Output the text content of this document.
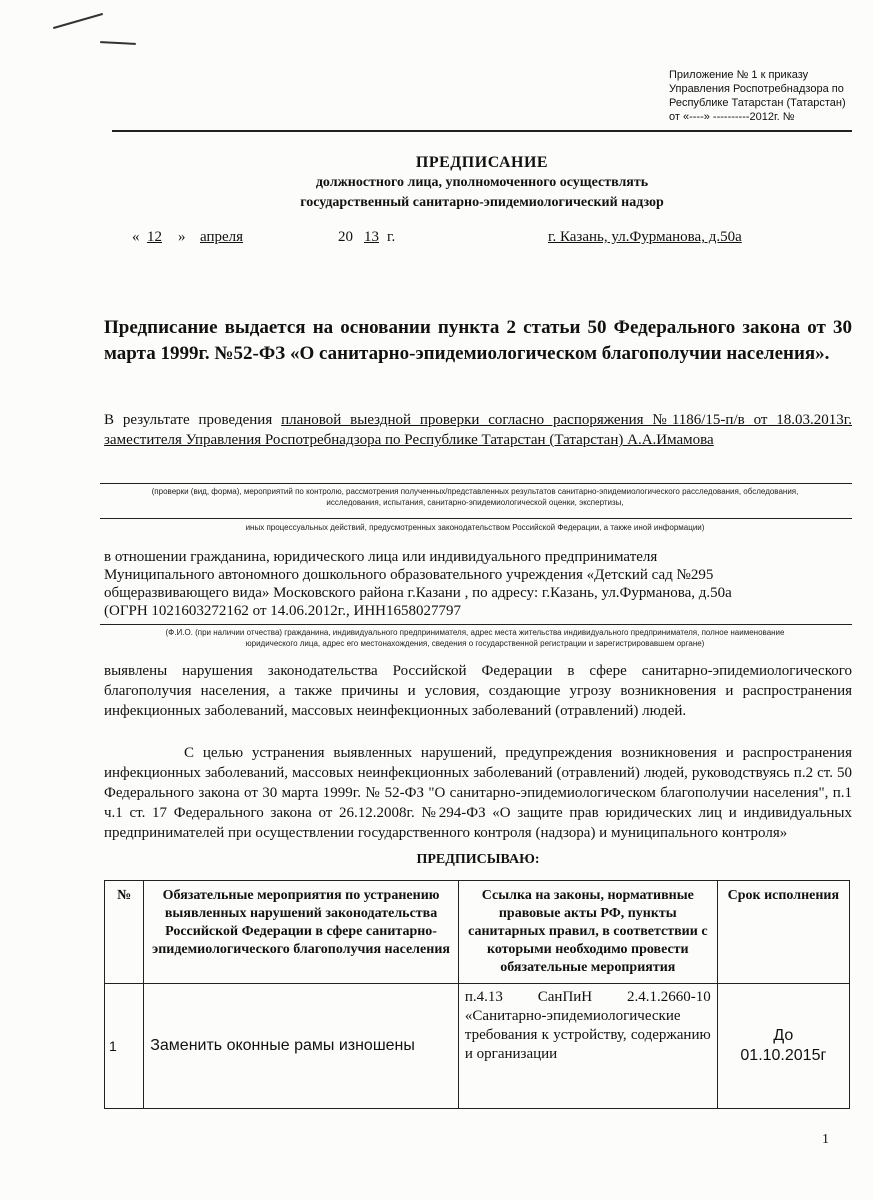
Приложение № 1 к приказу
Управления Роспотребнадзора по
Республике Татарстан (Татарстан)
от «----» ----------2012г. №
ПРЕДПИСАНИЕ
должностного лица, уполномоченного осуществлять
государственный санитарно-эпидемиологический надзор
« 12 » апреля	20 13 г.	г. Казань, ул.Фурманова, д.50а
Предписание выдается на основании пункта 2 статьи 50 Федерального закона от 30 марта 1999г. №52-ФЗ «О санитарно-эпидемиологическом благополучии населения».
В результате проведения плановой выездной проверки согласно распоряжения №1186/15-п/в от 18.03.2013г. заместителя Управления Роспотребнадзора по Республике Татарстан (Татарстан) А.А.Имамова
(проверки (вид, форма), мероприятий по контролю, рассмотрения полученных/представленных результатов санитарно-эпидемиологического расследования, обследования,
исследования, испытания, санитарно-эпидемиологической оценки, экспертизы,
иных процессуальных действий, предусмотренных законодательством Российской Федерации, а также иной информации)
в отношении гражданина, юридического лица или индивидуального предпринимателя
Муниципального автономного дошкольного образовательного учреждения «Детский сад №295
общеразвивающего вида» Московского района г.Казани , по адресу: г.Казань, ул.Фурманова, д.50а
(ОГРН 1021603272162 от 14.06.2012г., ИНН1658027797
(Ф.И.О. (при наличии отчества) гражданина, индивидуального предпринимателя, адрес места жительства индивидуального предпринимателя, полное наименование
юридического лица, адрес его местонахождения, сведения о государственной регистрации и зарегистрировавшем органе)
выявлены нарушения законодательства Российской Федерации в сфере санитарно-эпидемиологического благополучия населения, а также причины и условия, создающие угрозу возникновения и распространения инфекционных заболеваний, массовых неинфекционных заболеваний (отравлений) людей.
С целью устранения выявленных нарушений, предупреждения возникновения и распространения инфекционных заболеваний, массовых неинфекционных заболеваний (отравлений) людей, руководствуясь п.2 ст. 50 Федерального закона от 30 марта 1999г. № 52-ФЗ "О санитарно-эпидемиологическом благополучии населения", п.1 ч.1 ст. 17 Федерального закона от 26.12.2008г. №294-ФЗ «О защите прав юридических лиц и индивидуальных предпринимателей при осуществлении государственного контроля (надзора) и муниципального контроля»
ПРЕДПИСЫВАЮ:
№	Обязательные мероприятия по устранению выявленных нарушений законодательства Российской Федерации в сфере санитарно-эпидемиологического благополучия населения	Ссылка на законы, нормативные правовые акты РФ, пункты санитарных правил, в соответствии с которыми необходимо провести обязательные мероприятия	Срок исполнения
1	Заменить оконные рамы изношены	п.4.13 СанПиН 2.4.1.2660-10 «Санитарно-эпидемиологические требования к устройству, содержанию и организации	До
01.10.2015г
1
